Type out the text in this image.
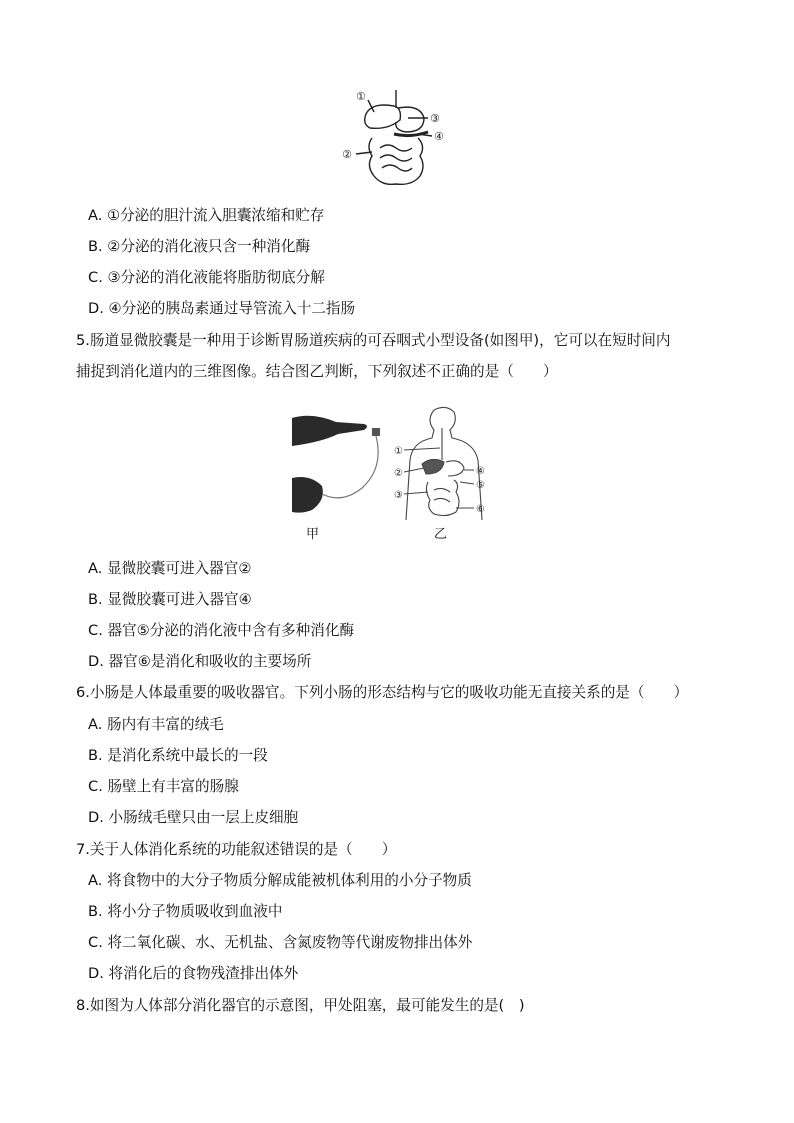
①
②
③
④
A. ①分泌的胆汁流入胆囊浓缩和贮存
B. ②分泌的消化液只含一种消化酶
C. ③分泌的消化液能将脂肪彻底分解
D. ④分泌的胰岛素通过导管流入十二指肠
5.肠道显微胶囊是一种用于诊断胃肠道疾病的可吞咽式小型设备(如图甲)，它可以在短时间内
捕捉到消化道内的三维图像。结合图乙判断，下列叙述不正确的是（　　）
甲
①
②
③
④
⑤
⑥
乙
A. 显微胶囊可进入器官②
B. 显微胶囊可进入器官④
C. 器官⑤分泌的消化液中含有多种消化酶
D. 器官⑥是消化和吸收的主要场所
6.小肠是人体最重要的吸收器官。下列小肠的形态结构与它的吸收功能无直接关系的是（　　）
A. 肠内有丰富的绒毛
B. 是消化系统中最长的一段
C. 肠壁上有丰富的肠腺
D. 小肠绒毛壁只由一层上皮细胞
7.关于人体消化系统的功能叙述错误的是（　　）
A. 将食物中的大分子物质分解成能被机体利用的小分子物质
B. 将小分子物质吸收到血液中
C. 将二氧化碳、水、无机盐、含氮废物等代谢废物排出体外
D. 将消化后的食物残渣排出体外
8.如图为人体部分消化器官的示意图，甲处阻塞，最可能发生的是(　)
